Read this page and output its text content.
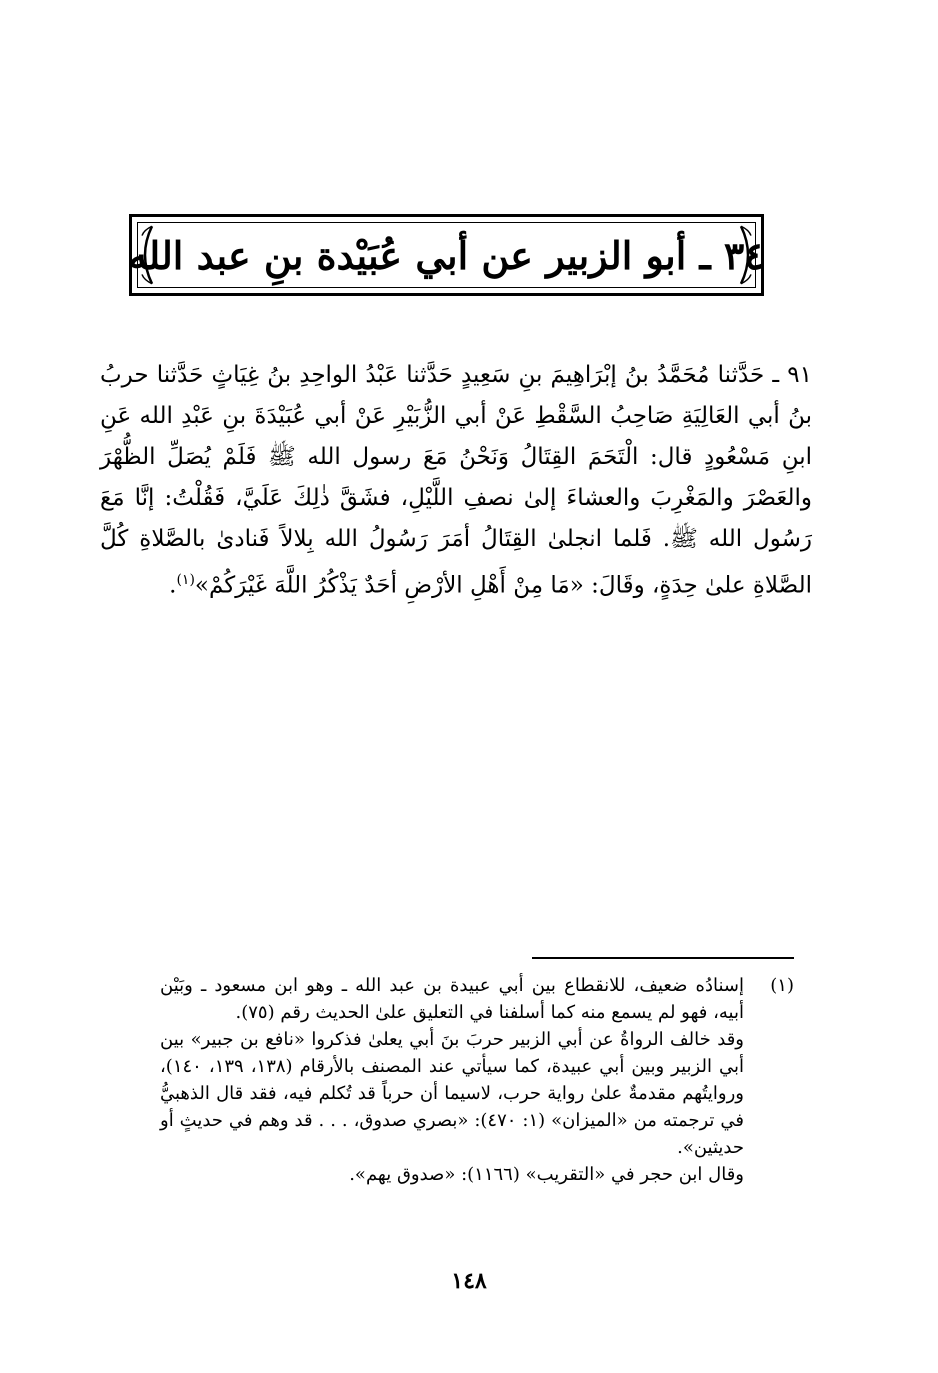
٣٤ ـ أبو الزبير عن أبي عُبَيْدة بنِ عبد الله
٩١ ـ حَدَّثنا مُحَمَّدُ بنُ إبْرَاهِيمَ بنِ سَعِيدٍ حَدَّثنا عَبْدُ الواحِدِ بنُ غِيَاثٍ حَدَّثنا حربُ بنُ أبي العَالِيَةِ صَاحِبُ السَّقْطِ عَنْ أبي الزُّبَيْرِ عَنْ أبي عُبَيْدَةَ بنِ عَبْدِ الله عَنِ ابنِ مَسْعُودٍ قال: الْتَحَمَ القِتَالُ وَنَحْنُ مَعَ رسول الله ﷺ فَلَمْ يُصَلِّ الظُّهْرَ والعَصْرَ والمَغْرِبَ والعشاءَ إلىٰ نصفِ اللَّيْلِ، فشَقَّ ذٰلِكَ عَلَيَّ، فَقُلْتُ: إنَّا مَعَ رَسُول الله ﷺ. فَلما انجلىٰ القِتَالُ أمَرَ رَسُولُ الله بِلالاً فَنادىٰ بالصَّلاةِ كُلَّ الصَّلاةِ علىٰ حِدَةٍ، وقَالَ: «مَا مِنْ أَهْلِ الأرْضِ أحَدٌ يَذْكُرُ اللَّهَ غَيْرَكُمْ»$^{(١)}$.
(١)
إسنادُه ضعيف، للانقطاع بين أبي عبيدة بن عبد الله ـ وهو ابن مسعود ـ وبَيْن أبيه، فهو لم يسمع منه كما أسلفنا في التعليق علىٰ الحديث رقم (٧٥).
وقد خالف الرواةُ عن أبي الزبير حربَ بنَ أبي يعلىٰ فذكروا «نافع بن جبير» بين أبي الزبير وبين أبي عبيدة، كما سيأتي عند المصنف بالأرقام (١٣٨، ١٣٩، ١٤٠)، وروايتُهم مقدمةٌ علىٰ رواية حرب، لاسيما أن حرباً قد تُكلم فيه، فقد قال الذهبيُّ في ترجمته من «الميزان» (١: ٤٧٠): «بصري صدوق، . . . قد وهم في حديثٍ أو حديثين».
وقال ابن حجر في «التقريب» (١١٦٦): «صدوق يهم».
١٤٨
